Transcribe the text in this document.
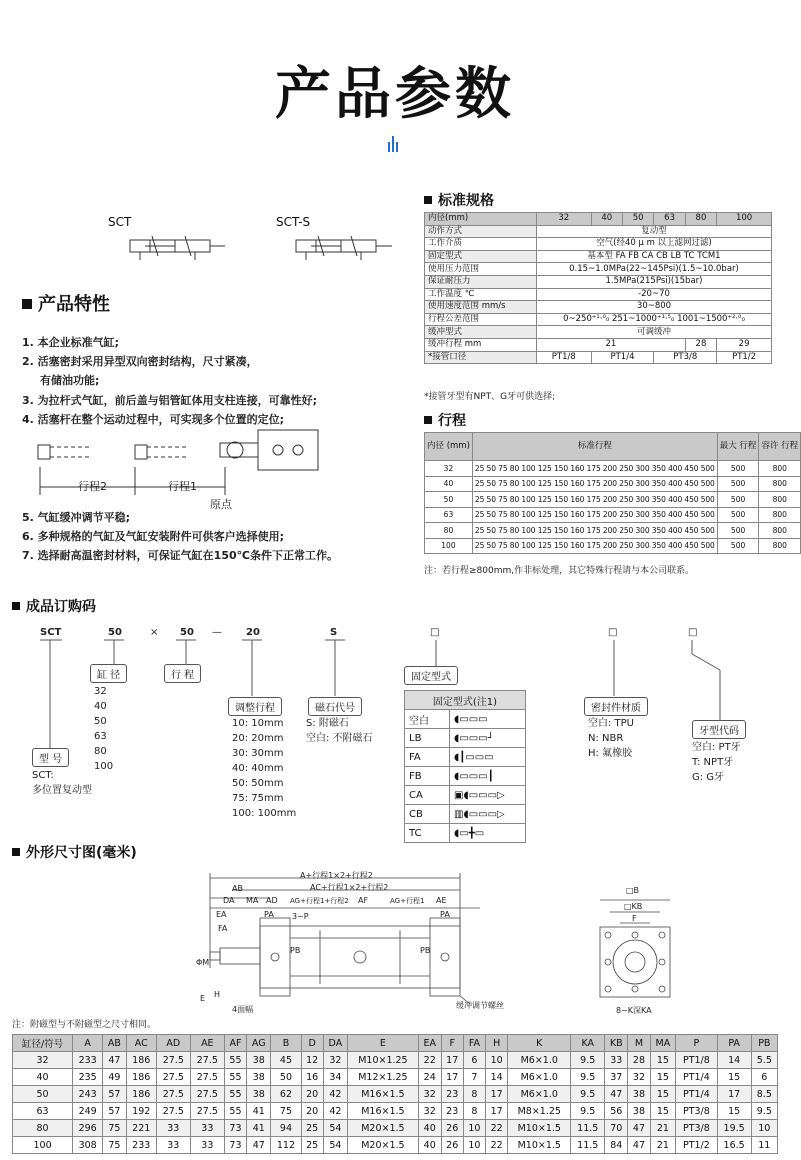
产品参数
SCT	SCT-S
产品特性
1. 本企业标准气缸;
2. 活塞密封采用异型双向密封结构，尺寸紧凑，
有储油功能;
3. 为拉杆式气缸，前后盖与铝管缸体用支柱连接，可靠性好;
4. 活塞杆在整个运动过程中，可实现多个位置的定位;
行程2	行程1
原点
5. 气缸缓冲调节平稳;
6. 多种规格的气缸及气缸安装附件可供客户选择使用;
7. 选择耐高温密封材料，可保证气缸在150℃条件下正常工作。
标准规格
内径(mm)	32	40	50	63	80	100
动作方式	复动型					
工作介质	空气(经40 μ m 以上滤网过滤)					
固定型式	基本型 FA FB CA CB LB TC TCM1					
使用压力范围	0.15~1.0MPa(22~145Psi)(1.5~10.0bar)					
保证耐压力	1.5MPa(215Psi)(15bar)					
工作温度 ℃	-20~70					
使用速度范围 mm/s	30~800					
行程公差范围	0~250⁺¹·⁰₀ 251~1000⁺¹·⁵₀ 1001~1500⁺²·⁰₀					
缓冲型式	可调缓冲					
缓冲行程 mm	21				28	29
*接管口径	PT1/8	PT1/4		PT3/8		PT1/2
*接管牙型有NPT、G牙可供选择;
行程
内径 (mm)	标准行程	最大 行程	容许 行程
32	25 50 75 80 100 125 150 160 175 200 250 300 350 400 450 500	500	800
40	25 50 75 80 100 125 150 160 175 200 250 300 350 400 450 500	500	800
50	25 50 75 80 100 125 150 160 175 200 250 300 350 400 450 500	500	800
63	25 50 75 80 100 125 150 160 175 200 250 300 350 400 450 500	500	800
80	25 50 75 80 100 125 150 160 175 200 250 300 350 400 450 500	500	800
100	25 50 75 80 100 125 150 160 175 200 250 300 350 400 450 500	500	800
注：若行程≥800mm,作非标处理，其它特殊行程请与本公司联系。
成品订购码
SCT	50	× 50 — 20	S	□	□	□
缸 径
32
40
50
63
80
100
行 程
型 号
SCT:
多位置复动型
调整行程
10: 10mm
20: 20mm
30: 30mm
40: 40mm
50: 50mm
75: 75mm
100: 100mm
磁石代号
S: 附磁石
空白: 不附磁石
固定型式
固定型式(注1)	
空白	◖▭▭▭
LB	◖▭▭▭┘
FA	◖┃▭▭▭
FB	◖▭▭▭┃
CA	▣◖▭▭▭▷
CB	▥◖▭▭▭▷
TC	◖▭╋▭
密封件材质
空白: TPU
N: NBR
H: 氟橡胶
牙型代码
空白: PT牙
T: NPT牙
G: G牙
外形尺寸图(毫米)
A+行程1×2+行程2
AC+行程1×2+行程2
AB
DA MA AD AG+行程1+行程2 AF	AG+行程1 AE
EA	PA	PA
FA
3~P
PB	PB
ΦM
E H
4面幅	缓冲调节螺丝
□B
□KB
F
8~K深KA
注：附磁型与不附磁型之尺寸相同。
缸径/符号	A	AB	AC	AD	AE	AF	AG	B	D	DA	E	EA	F	FA	H	K	KA	KB	M	MA	P	PA	PB
32	233	47	186	27.5	27.5	55	38	45	12	32	M10×1.25	22	17	6	10	M6×1.0	9.5	33	28	15	PT1/8	14	5.5
40	235	49	186	27.5	27.5	55	38	50	16	34	M12×1.25	24	17	7	14	M6×1.0	9.5	37	32	15	PT1/4	15	6
50	243	57	186	27.5	27.5	55	38	62	20	42	M16×1.5	32	23	8	17	M6×1.0	9.5	47	38	15	PT1/4	17	8.5
63	249	57	192	27.5	27.5	55	41	75	20	42	M16×1.5	32	23	8	17	M8×1.25	9.5	56	38	15	PT3/8	15	9.5
80	296	75	221	33	33	73	41	94	25	54	M20×1.5	40	26	10	22	M10×1.5	11.5	70	47	21	PT3/8	19.5	10
100	308	75	233	33	33	73	47	112	25	54	M20×1.5	40	26	10	22	M10×1.5	11.5	84	47	21	PT1/2	16.5	11
